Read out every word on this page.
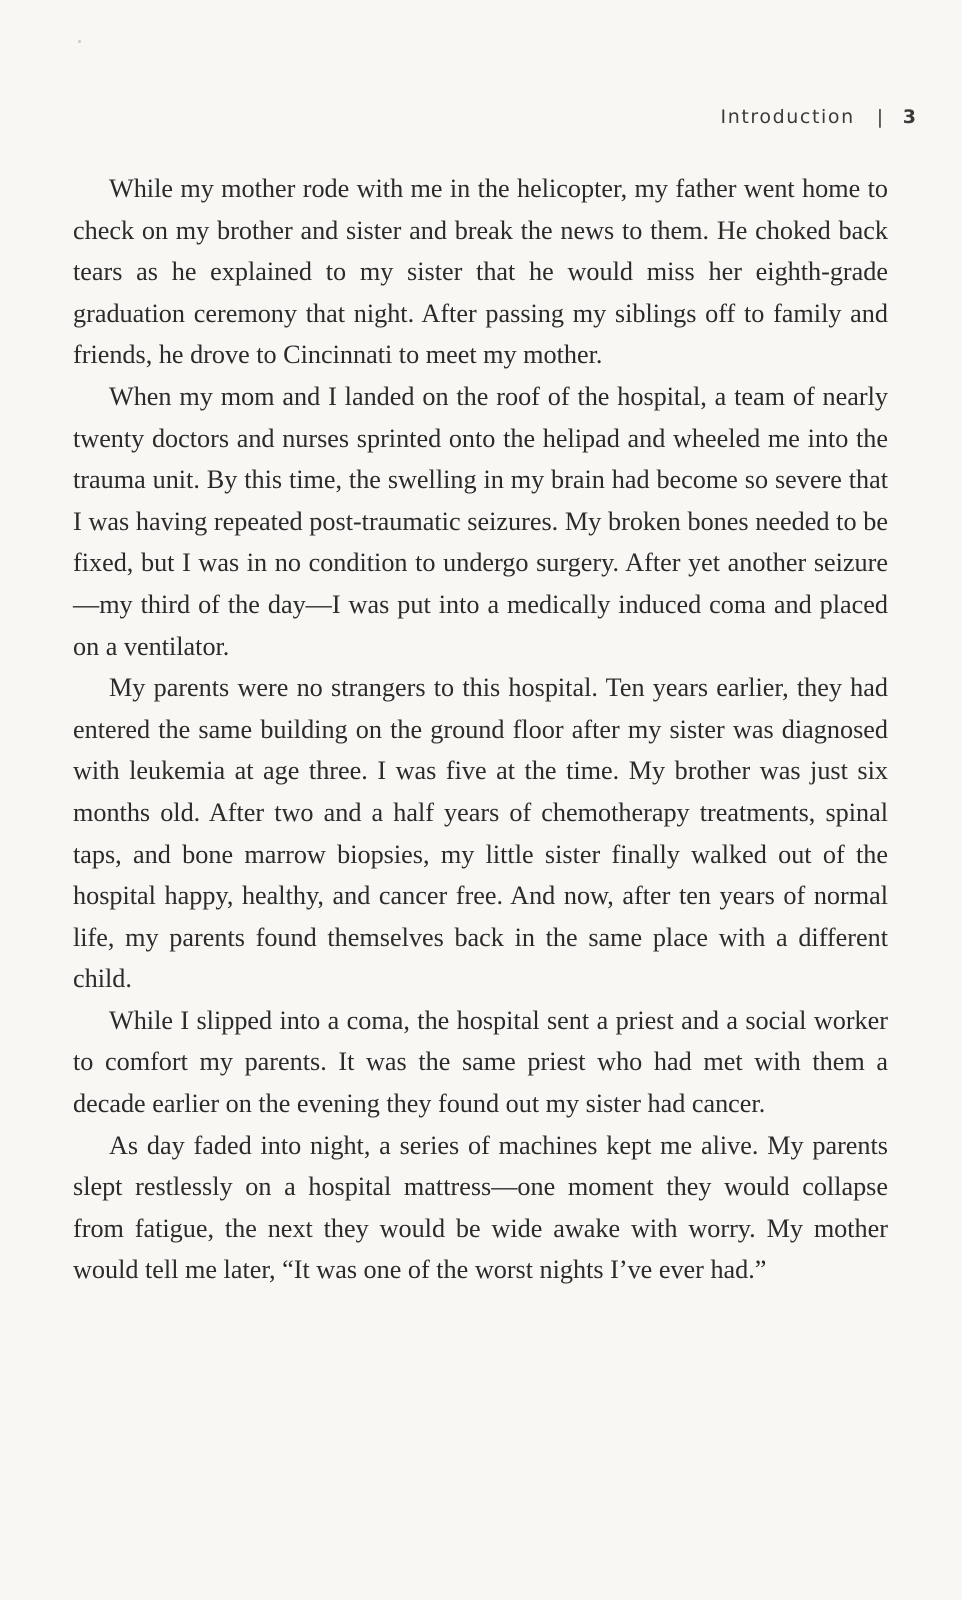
Introduction | 3

While my mother rode with me in the helicopter, my father went home to check on my brother and sister and break the news to them. He choked back tears as he explained to my sister that he would miss her eighth-grade graduation ceremony that night. After passing my siblings off to family and friends, he drove to Cincinnati to meet my mother.

When my mom and I landed on the roof of the hospital, a team of nearly twenty doctors and nurses sprinted onto the helipad and wheeled me into the trauma unit. By this time, the swelling in my brain had become so severe that I was having repeated post-traumatic seizures. My broken bones needed to be fixed, but I was in no condition to undergo surgery. After yet another seizure—my third of the day—I was put into a medically induced coma and placed on a ventilator.

My parents were no strangers to this hospital. Ten years earlier, they had entered the same building on the ground floor after my sister was diagnosed with leukemia at age three. I was five at the time. My brother was just six months old. After two and a half years of chemotherapy treatments, spinal taps, and bone marrow biopsies, my little sister finally walked out of the hospital happy, healthy, and cancer free. And now, after ten years of normal life, my parents found themselves back in the same place with a different child.

While I slipped into a coma, the hospital sent a priest and a social worker to comfort my parents. It was the same priest who had met with them a decade earlier on the evening they found out my sister had cancer.

As day faded into night, a series of machines kept me alive. My parents slept restlessly on a hospital mattress—one moment they would collapse from fatigue, the next they would be wide awake with worry. My mother would tell me later, “It was one of the worst nights I’ve ever had.”
